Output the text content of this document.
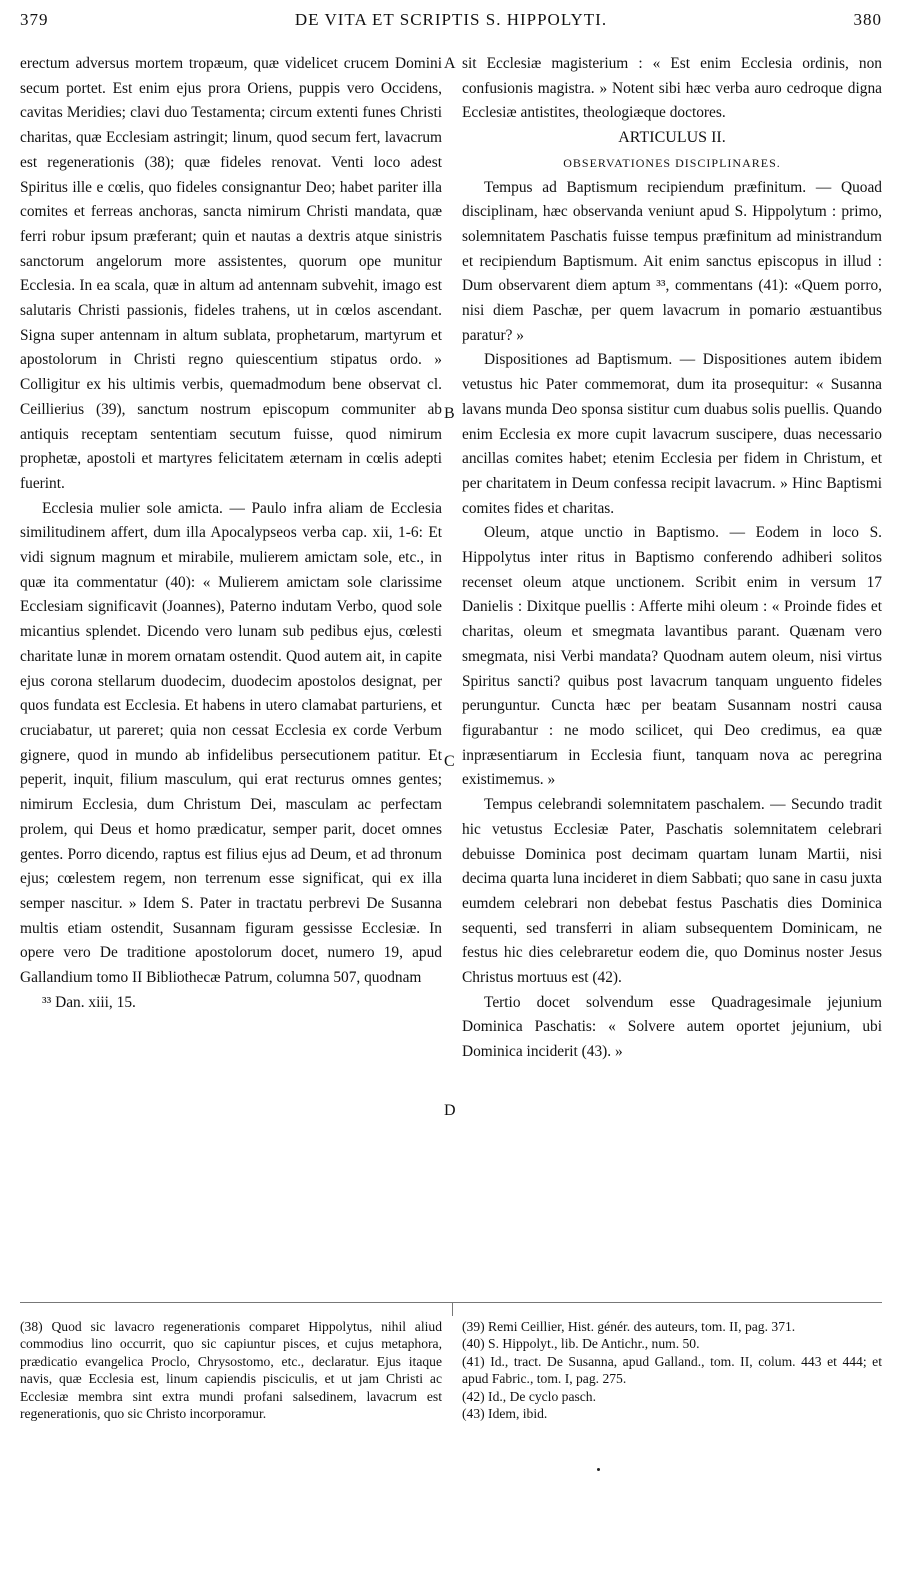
379	DE VITA ET SCRIPTIS S. HIPPOLYTI.	380
A
B
C
D

erectum adversus mortem tropæum, quæ videlicet crucem Domini secum portet. Est enim ejus prora Oriens, puppis vero Occidens, cavitas Meridies; clavi duo Testamenta; circum extenti funes Christi charitas, quæ Ecclesiam astringit; linum, quod secum fert, lavacrum est regenerationis (38); quæ fideles renovat. Venti loco adest Spiritus ille e cœlis, quo fideles consignantur Deo; habet pariter illa comites et ferreas anchoras, sancta nimirum Christi mandata, quæ ferri robur ipsum præferant; quin et nautas a dextris atque sinistris sanctorum angelorum more assistentes, quorum ope munitur Ecclesia. In ea scala, quæ in altum ad antennam subvehit, imago est salutaris Christi passionis, fideles trahens, ut in cœlos ascendant. Signa super antennam in altum sublata, prophetarum, martyrum et apostolorum in Christi regno quiescentium stipatus ordo. » Colligitur ex his ultimis verbis, quemadmodum bene observat cl. Ceillierius (39), sanctum nostrum episcopum communiter ab antiquis receptam sententiam secutum fuisse, quod nimirum prophetæ, apostoli et martyres felicitatem æternam in cœlis adepti fuerint.

Ecclesia mulier sole amicta. — Paulo infra aliam de Ecclesia similitudinem affert, dum illa Apocalypseos verba cap. xii, 1-6: Et vidi signum magnum et mirabile, mulierem amictam sole, etc., in quæ ita commentatur (40): « Mulierem amictam sole clarissime Ecclesiam significavit (Joannes), Paterno indutam Verbo, quod sole micantius splendet. Dicendo vero lunam sub pedibus ejus, cœlesti charitate lunæ in morem ornatam ostendit. Quod autem ait, in capite ejus corona stellarum duodecim, duodecim apostolos designat, per quos fundata est Ecclesia. Et habens in utero clamabat parturiens, et cruciabatur, ut pareret; quia non cessat Ecclesia ex corde Verbum gignere, quod in mundo ab infidelibus persecutionem patitur. Et peperit, inquit, filium masculum, qui erat recturus omnes gentes; nimirum Ecclesia, dum Christum Dei, masculam ac perfectam prolem, qui Deus et homo prædicatur, semper parit, docet omnes gentes. Porro dicendo, raptus est filius ejus ad Deum, et ad thronum ejus; cœlestem regem, non terrenum esse significat, qui ex illa semper nascitur. » Idem S. Pater in tractatu perbrevi De Susanna multis etiam ostendit, Susannam figuram gessisse Ecclesiæ. In opere vero De traditione apostolorum docet, numero 19, apud Gallandium tomo II Bibliothecæ Patrum, columna 507, quodnam

³³ Dan. xiii, 15.

sit Ecclesiæ magisterium : « Est enim Ecclesia ordinis, non confusionis magistra. » Notent sibi hæc verba auro cedroque digna Ecclesiæ antistites, theologiæque doctores.

ARTICULUS II.

OBSERVATIONES DISCIPLINARES.

Tempus ad Baptismum recipiendum præfinitum. — Quoad disciplinam, hæc observanda veniunt apud S. Hippolytum : primo, solemnitatem Paschatis fuisse tempus præfinitum ad ministrandum et recipiendum Baptismum. Ait enim sanctus episcopus in illud : Dum observarent diem aptum ³³, commentans (41): «Quem porro, nisi diem Paschæ, per quem lavacrum in pomario æstuantibus paratur? »

Dispositiones ad Baptismum. — Dispositiones autem ibidem vetustus hic Pater commemorat, dum ita prosequitur: « Susanna lavans munda Deo sponsa sistitur cum duabus solis puellis. Quando enim Ecclesia ex more cupit lavacrum suscipere, duas necessario ancillas comites habet; etenim Ecclesia per fidem in Christum, et per charitatem in Deum confessa recipit lavacrum. » Hinc Baptismi comites fides et charitas.

Oleum, atque unctio in Baptismo. — Eodem in loco S. Hippolytus inter ritus in Baptismo conferendo adhiberi solitos recenset oleum atque unctionem. Scribit enim in versum 17 Danielis : Dixitque puellis : Afferte mihi oleum : « Proinde fides et charitas, oleum et smegmata lavantibus parant. Quænam vero smegmata, nisi Verbi mandata? Quodnam autem oleum, nisi virtus Spiritus sancti? quibus post lavacrum tanquam unguento fideles perunguntur. Cuncta hæc per beatam Susannam nostri causa figurabantur : ne modo scilicet, qui Deo credimus, ea quæ inpræsentiarum in Ecclesia fiunt, tanquam nova ac peregrina existimemus. »

Tempus celebrandi solemnitatem paschalem. — Secundo tradit hic vetustus Ecclesiæ Pater, Paschatis solemnitatem celebrari debuisse Dominica post decimam quartam lunam Martii, nisi decima quarta luna incideret in diem Sabbati; quo sane in casu juxta eumdem celebrari non debebat festus Paschatis dies Dominica sequenti, sed transferri in aliam subsequentem Dominicam, ne festus hic dies celebraretur eodem die, quo Dominus noster Jesus Christus mortuus est (42).

Tertio docet solvendum esse Quadragesimale jejunium Dominica Paschatis: « Solvere autem oportet jejunium, ubi Dominica inciderit (43). »

(38) Quod sic lavacro regenerationis comparet Hippolytus, nihil aliud commodius lino occurrit, quo sic capiuntur pisces, et cujus metaphora, prædicatio evangelica Proclo, Chrysostomo, etc., declaratur. Ejus itaque navis, quæ Ecclesia est, linum capiendis pisciculis, et ut jam Christi ac Ecclesiæ membra sint extra mundi profani salsedinem, lavacrum est regenerationis, quo sic Christo incorporamur.

(39) Remi Ceillier, Hist. génér. des auteurs, tom. II, pag. 371.

(40) S. Hippolyt., lib. De Antichr., num. 50.

(41) Id., tract. De Susanna, apud Galland., tom. II, colum. 443 et 444; et apud Fabric., tom. I, pag. 275.

(42) Id., De cyclo pasch.

(43) Idem, ibid.
